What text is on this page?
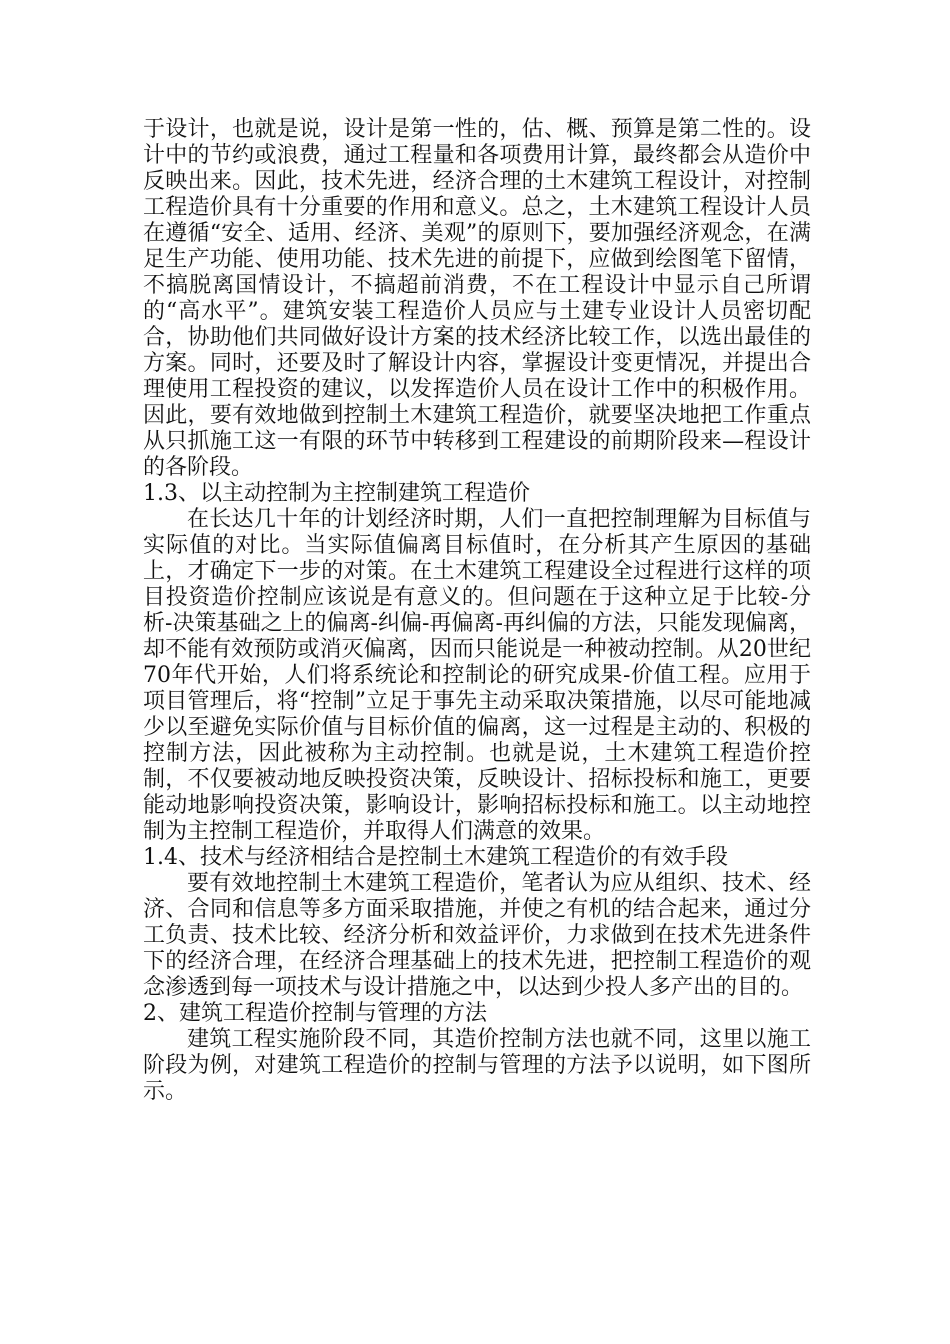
于设计，也就是说，设计是第一性的，估、概、预算是第二性的。设计中的节约或浪费，通过工程量和各项费用计算，最终都会从造价中反映出来。因此，技术先进，经济合理的土木建筑工程设计，对控制工程造价具有十分重要的作用和意义。总之，土木建筑工程设计人员在遵循“安全、适用、经济、美观”的原则下，要加强经济观念，在满足生产功能、使用功能、技术先进的前提下，应做到绘图笔下留情，不搞脱离国情设计，不搞超前消费，不在工程设计中显示自己所谓的“高水平”。建筑安装工程造价人员应与土建专业设计人员密切配合，协助他们共同做好设计方案的技术经济比较工作，以选出最佳的方案。同时，还要及时了解设计内容，掌握设计变更情况，并提出合理使用工程投资的建议，以发挥造价人员在设计工作中的积极作用。因此，要有效地做到控制土木建筑工程造价，就要坚决地把工作重点从只抓施工这一有限的环节中转移到工程建设的前期阶段来—程设计的各阶段。

1.3、以主动控制为主控制建筑工程造价

在长达几十年的计划经济时期，人们一直把控制理解为目标值与实际值的对比。当实际值偏离目标值时，在分析其产生原因的基础上，才确定下一步的对策。在土木建筑工程建设全过程进行这样的项目投资造价控制应该说是有意义的。但问题在于这种立足于比较-分析-决策基础之上的偏离-纠偏-再偏离-再纠偏的方法，只能发现偏离，却不能有效预防或消灭偏离，因而只能说是一种被动控制。从20世纪70年代开始，人们将系统论和控制论的研究成果-价值工程。应用于项目管理后，将“控制”立足于事先主动采取决策措施，以尽可能地减少以至避免实际价值与目标价值的偏离，这一过程是主动的、积极的控制方法，因此被称为主动控制。也就是说，土木建筑工程造价控制，不仅要被动地反映投资决策，反映设计、招标投标和施工，更要能动地影响投资决策，影响设计，影响招标投标和施工。以主动地控制为主控制工程造价，并取得人们满意的效果。

1.4、技术与经济相结合是控制土木建筑工程造价的有效手段

要有效地控制土木建筑工程造价，笔者认为应从组织、技术、经济、合同和信息等多方面采取措施，并使之有机的结合起来，通过分工负责、技术比较、经济分析和效益评价，力求做到在技术先进条件下的经济合理，在经济合理基础上的技术先进，把控制工程造价的观念渗透到每一项技术与设计措施之中，以达到少投人多产出的目的。

2、建筑工程造价控制与管理的方法

建筑工程实施阶段不同，其造价控制方法也就不同，这里以施工阶段为例，对建筑工程造价的控制与管理的方法予以说明，如下图所示。
